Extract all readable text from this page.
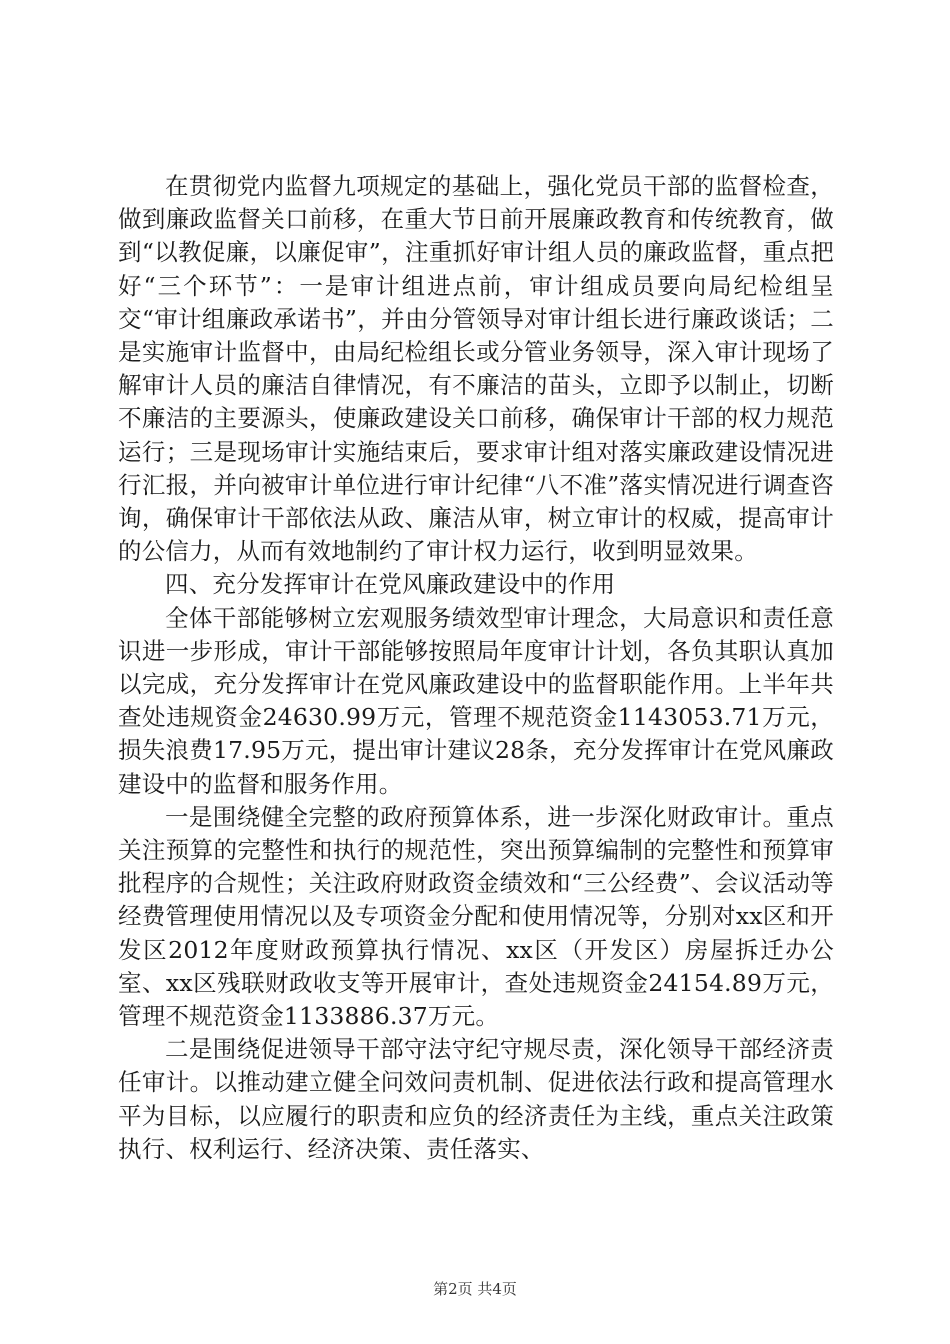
在贯彻党内监督九项规定的基础上，强化党员干部的监督检查，做到廉政监督关口前移，在重大节日前开展廉政教育和传统教育，做到“以教促廉，以廉促审”，注重抓好审计组人员的廉政监督，重点把好“三个环节”：一是审计组进点前，审计组成员要向局纪检组呈交“审计组廉政承诺书”，并由分管领导对审计组长进行廉政谈话；二是实施审计监督中，由局纪检组长或分管业务领导，深入审计现场了解审计人员的廉洁自律情况，有不廉洁的苗头，立即予以制止，切断不廉洁的主要源头，使廉政建设关口前移，确保审计干部的权力规范运行；三是现场审计实施结束后，要求审计组对落实廉政建设情况进行汇报，并向被审计单位进行审计纪律“八不准”落实情况进行调查咨询，确保审计干部依法从政、廉洁从审，树立审计的权威，提高审计的公信力，从而有效地制约了审计权力运行，收到明显效果。

四、充分发挥审计在党风廉政建设中的作用

全体干部能够树立宏观服务绩效型审计理念，大局意识和责任意识进一步形成，审计干部能够按照局年度审计计划，各负其职认真加以完成，充分发挥审计在党风廉政建设中的监督职能作用。上半年共查处违规资金24630.99万元，管理不规范资金1143053.71万元，损失浪费17.95万元，提出审计建议28条，充分发挥审计在党风廉政建设中的监督和服务作用。

一是围绕健全完整的政府预算体系，进一步深化财政审计。重点关注预算的完整性和执行的规范性，突出预算编制的完整性和预算审批程序的合规性；关注政府财政资金绩效和“三公经费”、会议活动等经费管理使用情况以及专项资金分配和使用情况等，分别对xx区和开发区2012年度财政预算执行情况、xx区（开发区）房屋拆迁办公室、xx区残联财政收支等开展审计，查处违规资金24154.89万元，管理不规范资金1133886.37万元。

二是围绕促进领导干部守法守纪守规尽责，深化领导干部经济责任审计。以推动建立健全问效问责机制、促进依法行政和提高管理水平为目标，以应履行的职责和应负的经济责任为主线，重点关注政策执行、权利运行、经济决策、责任落实、

第2页 共4页
